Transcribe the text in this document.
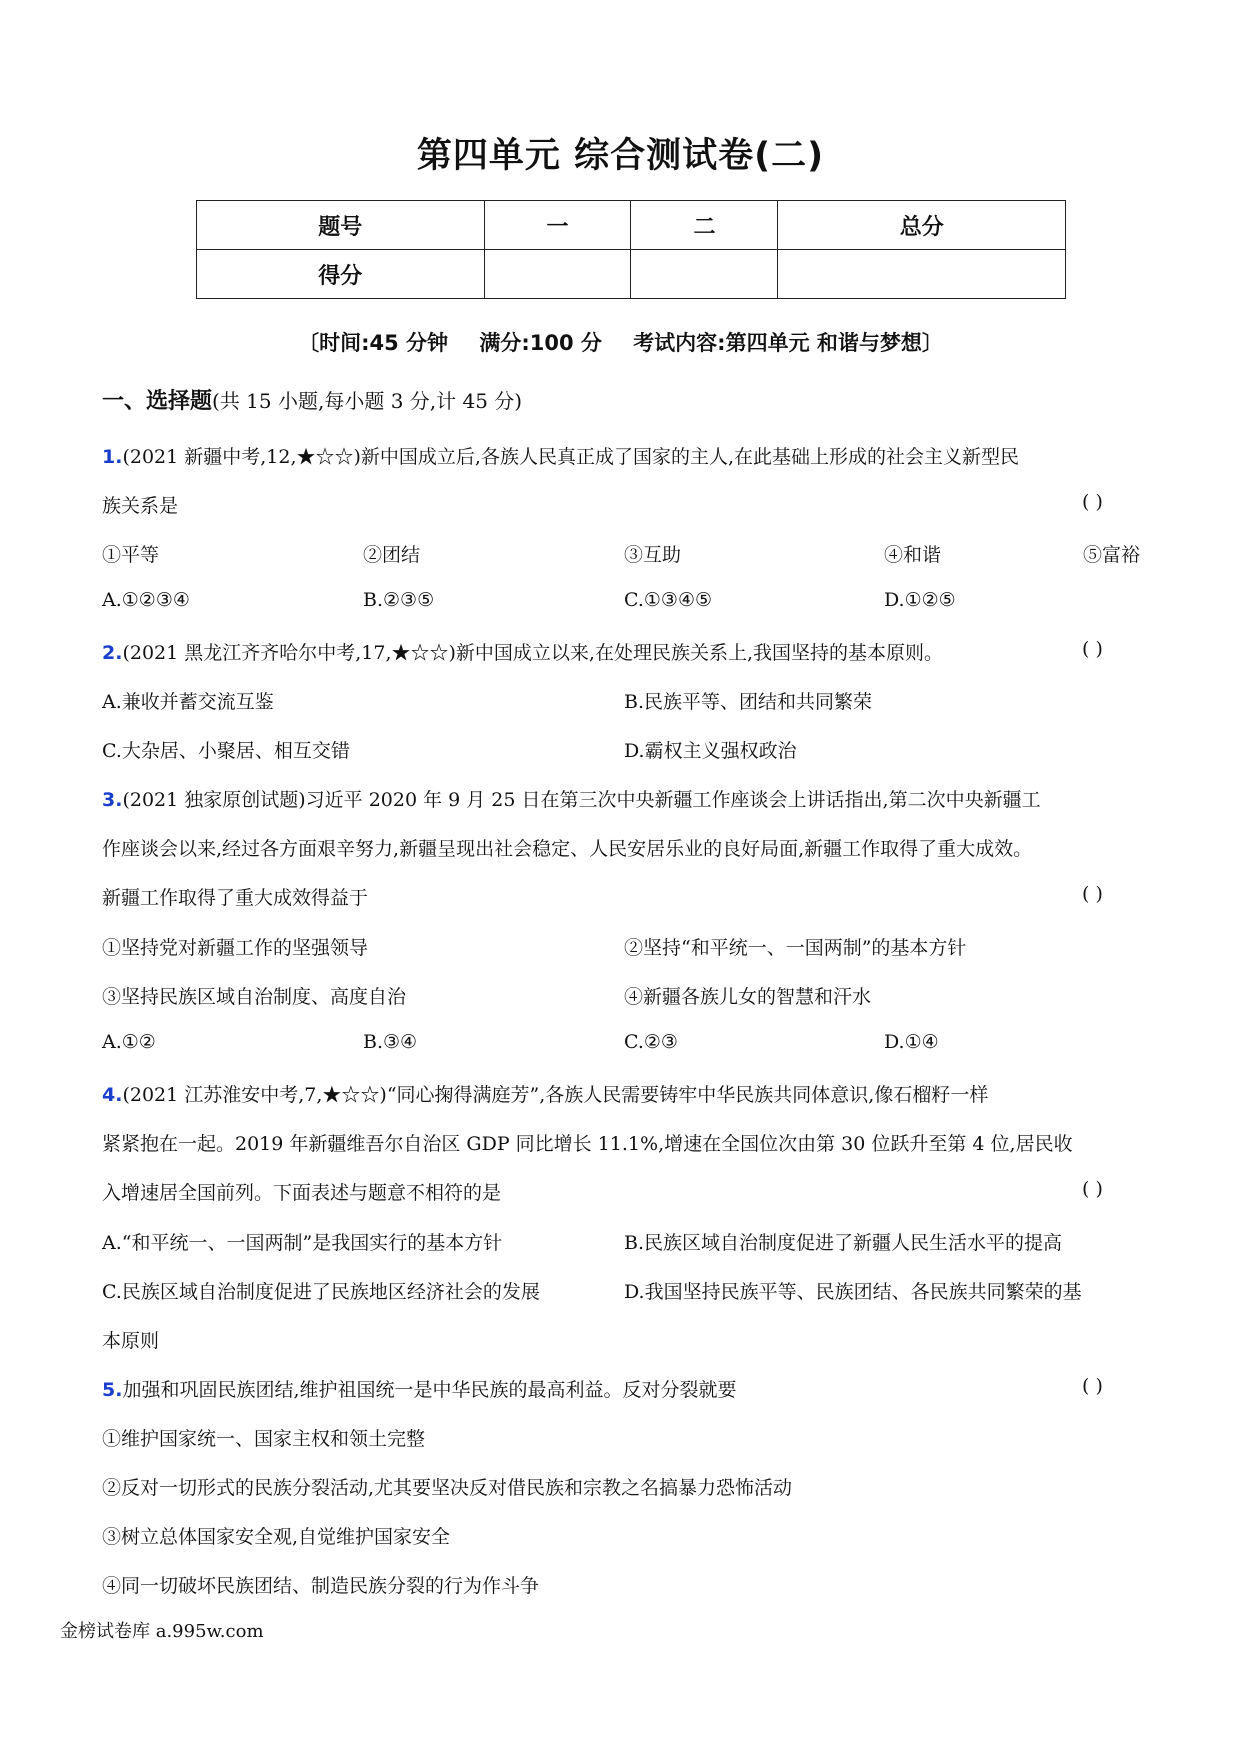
第四单元 综合测试卷(二)
题号	一	二	总分
得分			
〔时间:45 分钟 满分:100 分 考试内容:第四单元 和谐与梦想〕
一、选择题(共 15 小题,每小题 3 分,计 45 分)
1.(2021 新疆中考,12,★☆☆)新中国成立后,各族人民真正成了国家的主人,在此基础上形成的社会主义新型民
族关系是	( )
①平等	②团结	③互助	④和谐	⑤富裕
A.①②③④	B.②③⑤	C.①③④⑤	D.①②⑤
2.(2021 黑龙江齐齐哈尔中考,17,★☆☆)新中国成立以来,在处理民族关系上,我国坚持的基本原则。	( )
A.兼收并蓄交流互鉴	B.民族平等、团结和共同繁荣
C.大杂居、小聚居、相互交错	D.霸权主义强权政治
3.(2021 独家原创试题)习近平 2020 年 9 月 25 日在第三次中央新疆工作座谈会上讲话指出,第二次中央新疆工
作座谈会以来,经过各方面艰辛努力,新疆呈现出社会稳定、人民安居乐业的良好局面,新疆工作取得了重大成效。
新疆工作取得了重大成效得益于	( )
①坚持党对新疆工作的坚强领导	②坚持“和平统一、一国两制”的基本方针
③坚持民族区域自治制度、高度自治	④新疆各族儿女的智慧和汗水
A.①②	B.③④	C.②③	D.①④
4.(2021 江苏淮安中考,7,★☆☆)“同心掬得满庭芳”,各族人民需要铸牢中华民族共同体意识,像石榴籽一样
紧紧抱在一起。2019 年新疆维吾尔自治区 GDP 同比增长 11.1%,增速在全国位次由第 30 位跃升至第 4 位,居民收
入增速居全国前列。下面表述与题意不相符的是	( )
A.“和平统一、一国两制”是我国实行的基本方针	B.民族区域自治制度促进了新疆人民生活水平的提高
C.民族区域自治制度促进了民族地区经济社会的发展	D.我国坚持民族平等、民族团结、各民族共同繁荣的基
本原则
5.加强和巩固民族团结,维护祖国统一是中华民族的最高利益。反对分裂就要	( )
①维护国家统一、国家主权和领土完整
②反对一切形式的民族分裂活动,尤其要坚决反对借民族和宗教之名搞暴力恐怖活动
③树立总体国家安全观,自觉维护国家安全
④同一切破坏民族团结、制造民族分裂的行为作斗争
金榜试卷库 a.995w.com
